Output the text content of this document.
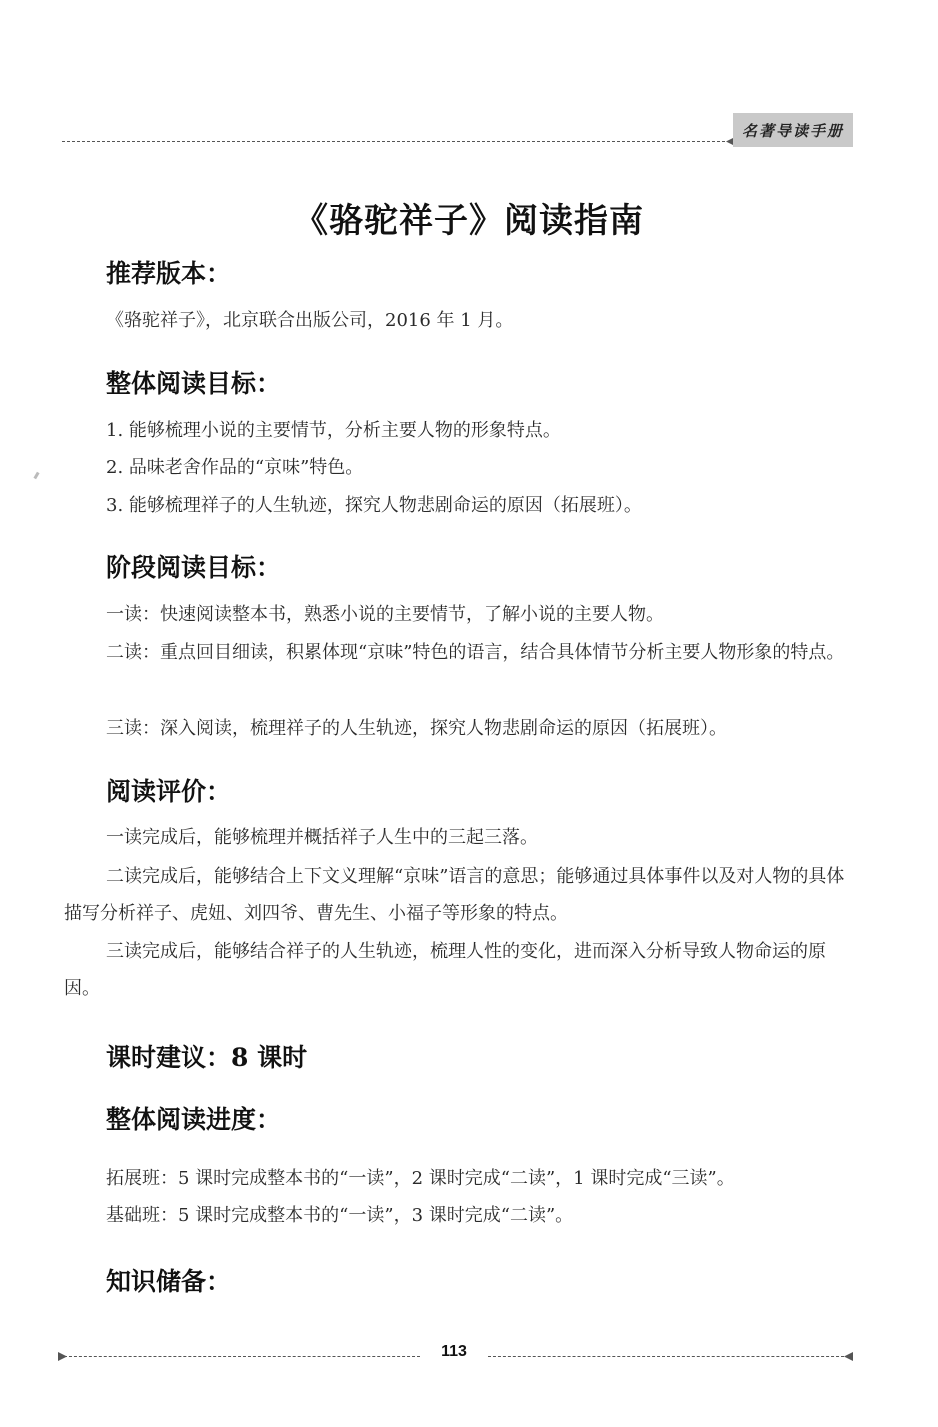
名著导读手册
《骆驼祥子》阅读指南
推荐版本：
《骆驼祥子》，北京联合出版公司，2016 年 1 月。
整体阅读目标：
1. 能够梳理小说的主要情节，分析主要人物的形象特点。
2. 品味老舍作品的“京味”特色。
3. 能够梳理祥子的人生轨迹，探究人物悲剧命运的原因（拓展班）。
阶段阅读目标：
一读：快速阅读整本书，熟悉小说的主要情节，了解小说的主要人物。
二读：重点回目细读，积累体现“京味”特色的语言，结合具体情节分析主要人物形象的特点。
三读：深入阅读，梳理祥子的人生轨迹，探究人物悲剧命运的原因（拓展班）。
阅读评价：
一读完成后，能够梳理并概括祥子人生中的三起三落。
二读完成后，能够结合上下文义理解“京味”语言的意思；能够通过具体事件以及对人物的具体描写分析祥子、虎妞、刘四爷、曹先生、小福子等形象的特点。
三读完成后，能够结合祥子的人生轨迹，梳理人性的变化，进而深入分析导致人物命运的原因。
课时建议：8 课时
整体阅读进度：
拓展班：5 课时完成整本书的“一读”，2 课时完成“二读”，1 课时完成“三读”。
基础班：5 课时完成整本书的“一读”，3 课时完成“二读”。
知识储备：
113
